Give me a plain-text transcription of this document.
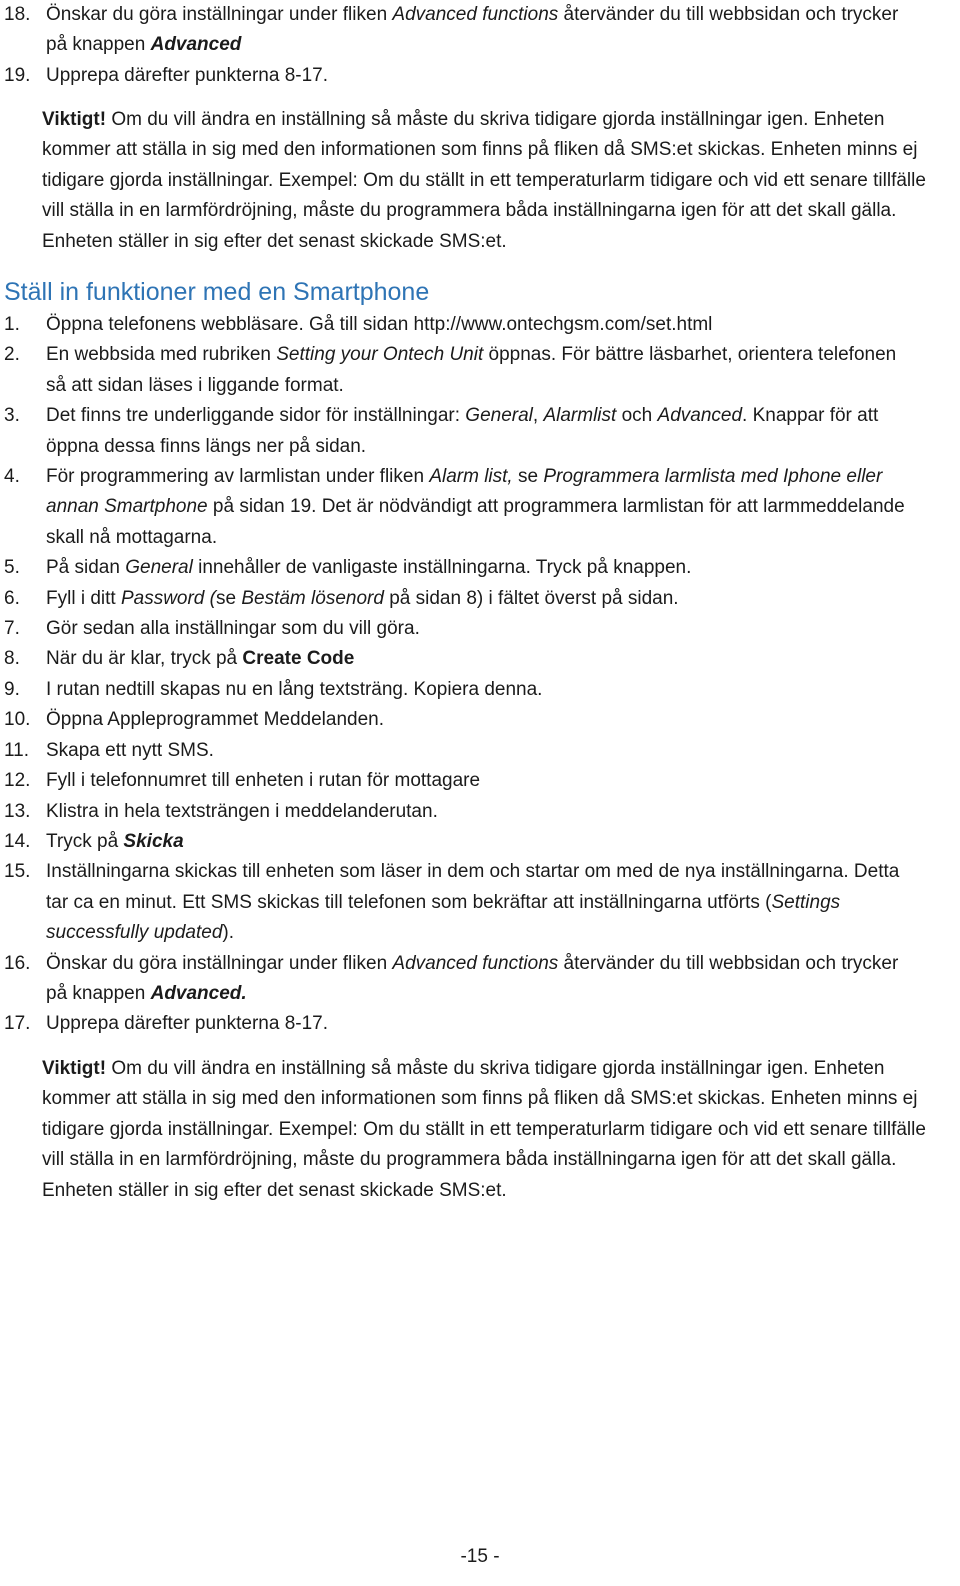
18. Önskar du göra inställningar under fliken Advanced functions återvänder du till webbsidan och trycker på knappen Advanced
19. Upprepa därefter punkterna 8-17.

Viktigt! Om du vill ändra en inställning så måste du skriva tidigare gjorda inställningar igen. Enheten kommer att ställa in sig med den informationen som finns på fliken då SMS:et skickas. Enheten minns ej tidigare gjorda inställningar. Exempel: Om du ställt in ett temperaturlarm tidigare och vid ett senare tillfälle vill ställa in en larmfördröjning, måste du programmera båda inställningarna igen för att det skall gälla. Enheten ställer in sig efter det senast skickade SMS:et.

Ställ in funktioner med en Smartphone
1.	Öppna telefonens webbläsare. Gå till sidan http://www.ontechgsm.com/set.html
2.	En webbsida med rubriken Setting your Ontech Unit öppnas. För bättre läsbarhet, orientera telefonen så att sidan läses i liggande format.
3.	Det finns tre underliggande sidor för inställningar: General, Alarmlist och Advanced. Knappar för att öppna dessa finns längs ner på sidan.
4.	För programmering av larmlistan under fliken Alarm list, se Programmera larmlista med Iphone eller annan Smartphone på sidan 19. Det är nödvändigt att programmera larmlistan för att larmmeddelande skall nå mottagarna.
5.	På sidan General innehåller de vanligaste inställningarna. Tryck på knappen.
6.	Fyll i ditt Password (se Bestäm lösenord på sidan 8) i fältet överst på sidan.
7.	Gör sedan alla inställningar som du vill göra.
8.	När du är klar, tryck på Create Code
9.	I rutan nedtill skapas nu en lång textsträng. Kopiera denna.
10. Öppna Appleprogrammet Meddelanden.
11. Skapa ett nytt SMS.
12. Fyll i telefonnumret till enheten i rutan för mottagare
13. Klistra in hela textsträngen i meddelanderutan.
14. Tryck på Skicka
15. Inställningarna skickas till enheten som läser in dem och startar om med de nya inställningarna. Detta tar ca en minut. Ett SMS skickas till telefonen som bekräftar att inställningarna utförts (Settings successfully updated).
16. Önskar du göra inställningar under fliken Advanced functions återvänder du till webbsidan och trycker på knappen Advanced.
17. Upprepa därefter punkterna 8-17.

Viktigt! Om du vill ändra en inställning så måste du skriva tidigare gjorda inställningar igen. Enheten kommer att ställa in sig med den informationen som finns på fliken då SMS:et skickas. Enheten minns ej tidigare gjorda inställningar. Exempel: Om du ställt in ett temperaturlarm tidigare och vid ett senare tillfälle vill ställa in en larmfördröjning, måste du programmera båda inställningarna igen för att det skall gälla. Enheten ställer in sig efter det senast skickade SMS:et.

-15 -
